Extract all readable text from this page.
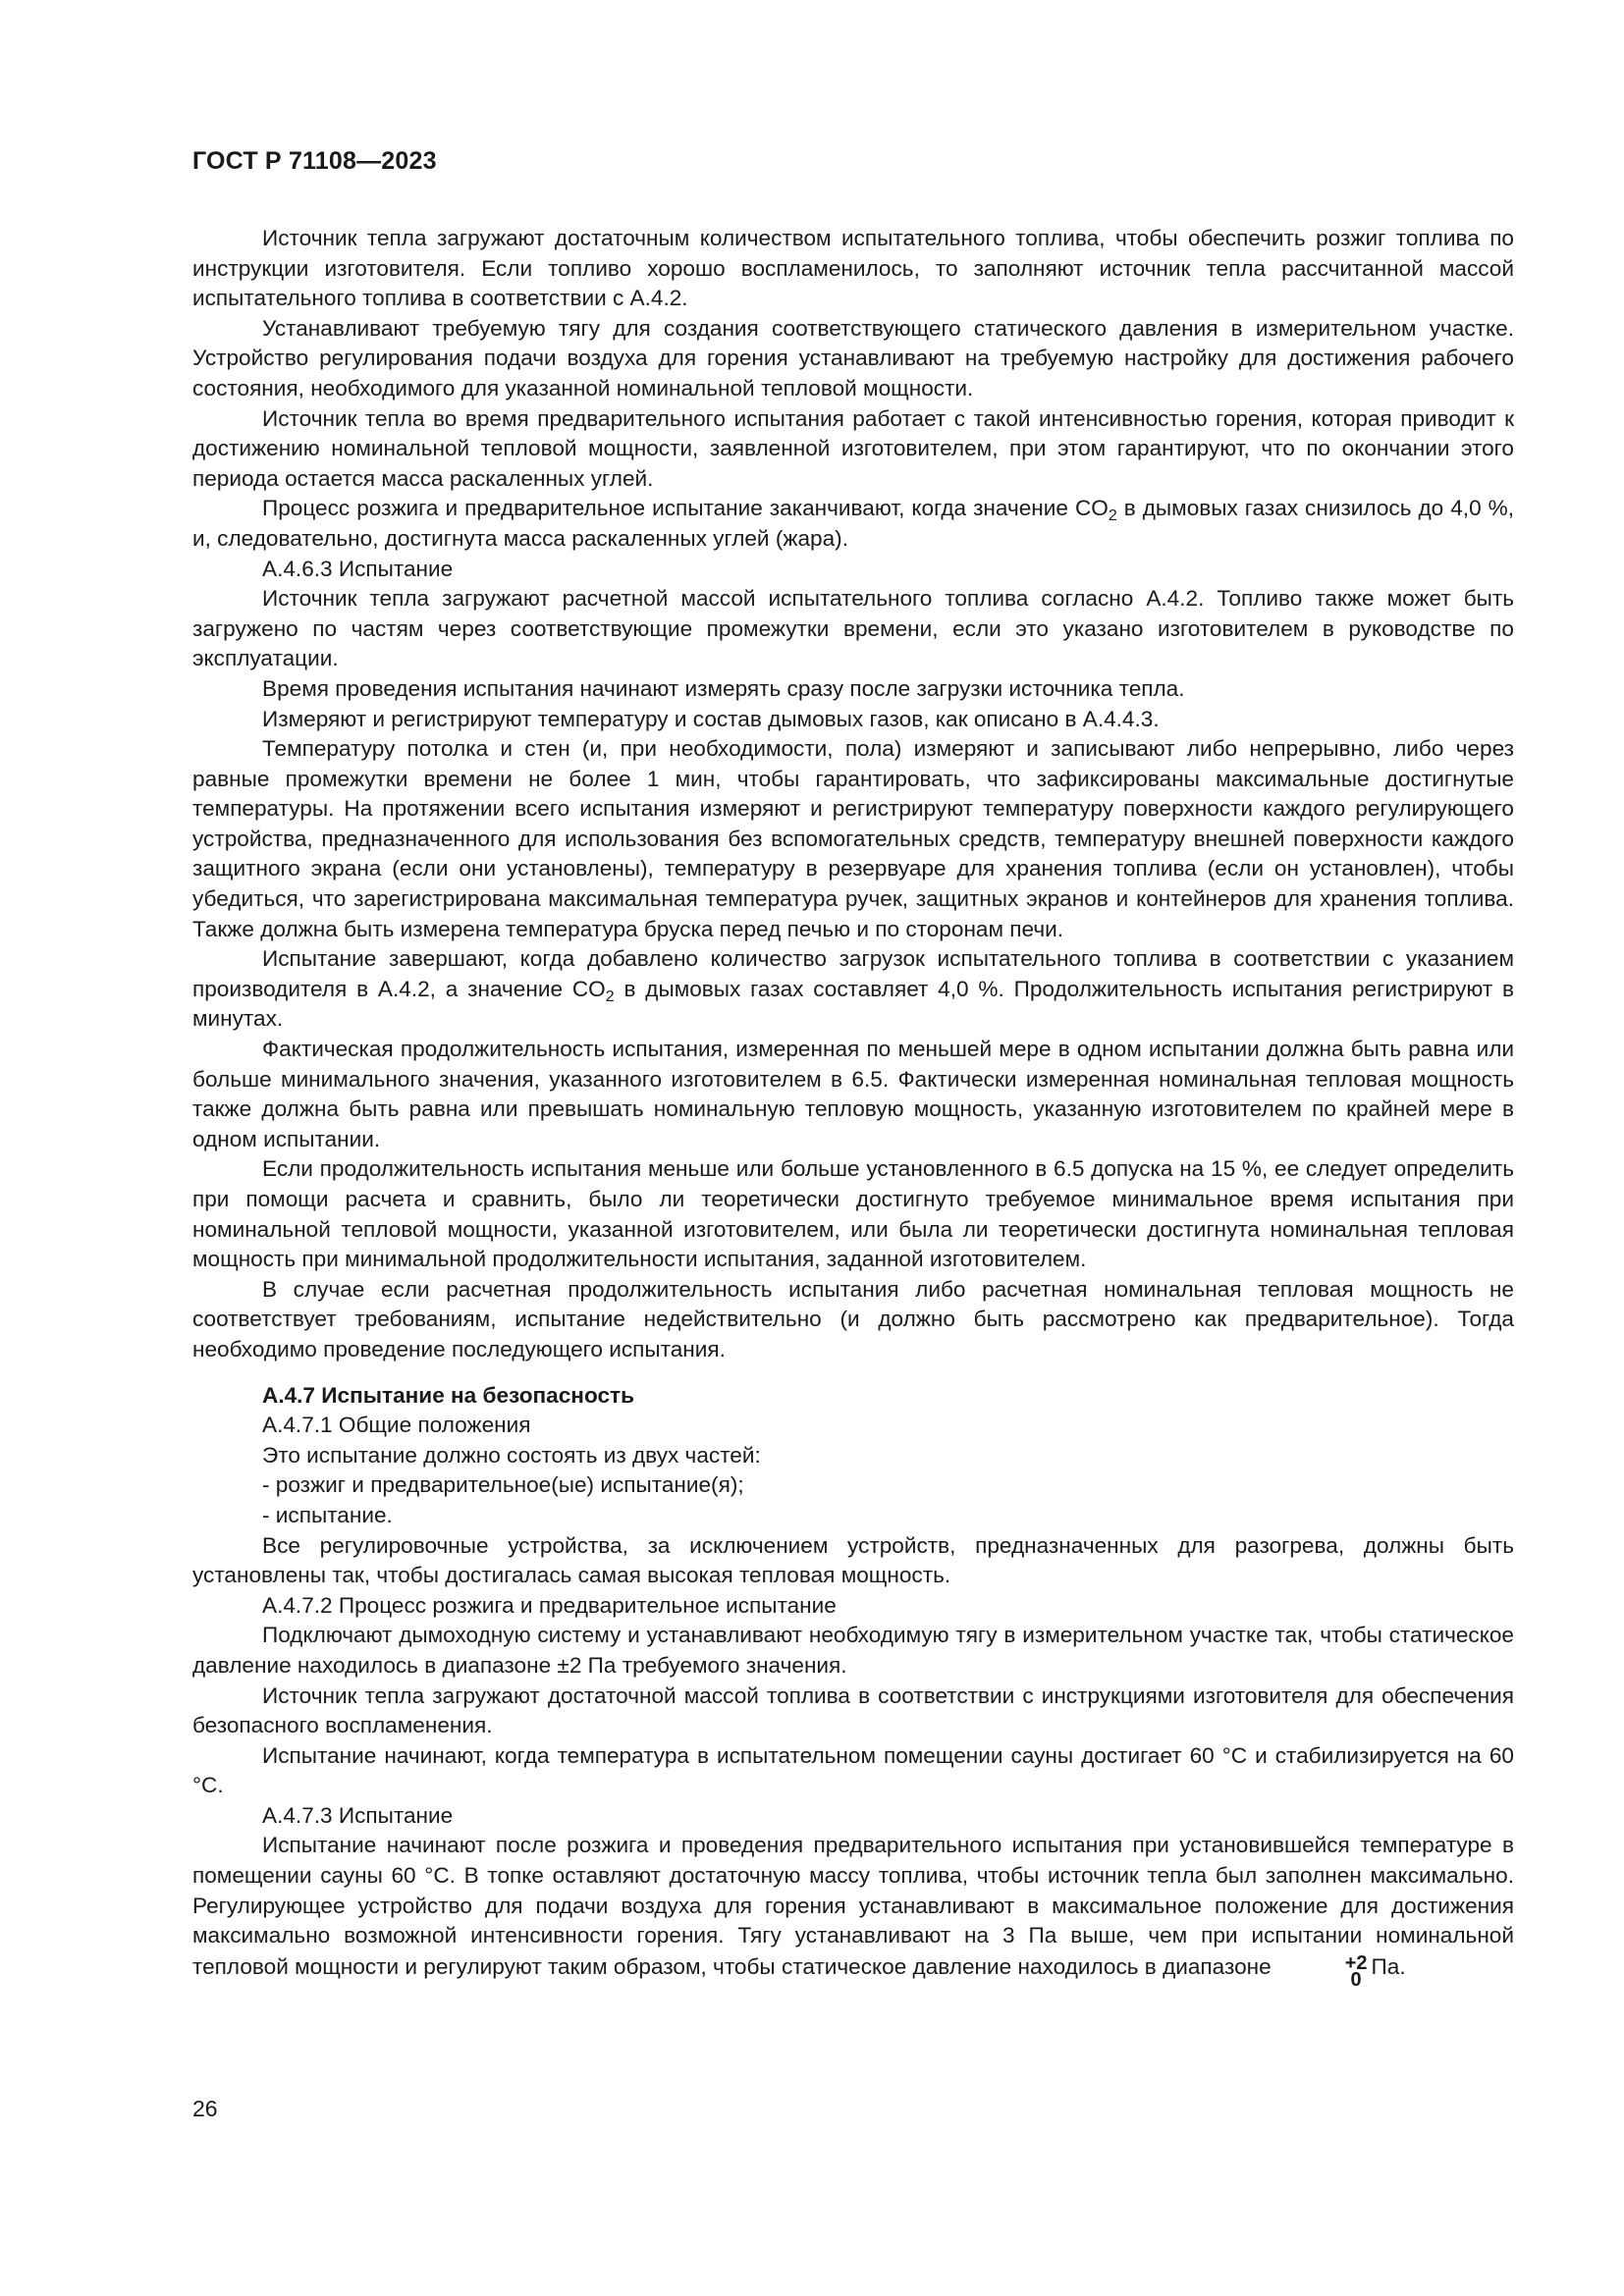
ГОСТ Р 71108—2023

Источник тепла загружают достаточным количеством испытательного топлива, чтобы обеспечить розжиг топлива по инструкции изготовителя. Если топливо хорошо воспламенилось, то заполняют источник тепла рассчитанной массой испытательного топлива в соответствии с А.4.2.

Устанавливают требуемую тягу для создания соответствующего статического давления в измерительном участке. Устройство регулирования подачи воздуха для горения устанавливают на требуемую настройку для достижения рабочего состояния, необходимого для указанной номинальной тепловой мощности.

Источник тепла во время предварительного испытания работает с такой интенсивностью горения, которая приводит к достижению номинальной тепловой мощности, заявленной изготовителем, при этом гарантируют, что по окончании этого периода остается масса раскаленных углей.

Процесс розжига и предварительное испытание заканчивают, когда значение $CO_2$ в дымовых газах снизилось до 4,0 %, и, следовательно, достигнута масса раскаленных углей (жара).

А.4.6.3 Испытание

Источник тепла загружают расчетной массой испытательного топлива согласно А.4.2. Топливо также может быть загружено по частям через соответствующие промежутки времени, если это указано изготовителем в руководстве по эксплуатации.

Время проведения испытания начинают измерять сразу после загрузки источника тепла.

Измеряют и регистрируют температуру и состав дымовых газов, как описано в А.4.4.3.

Температуру потолка и стен (и, при необходимости, пола) измеряют и записывают либо непрерывно, либо через равные промежутки времени не более 1 мин, чтобы гарантировать, что зафиксированы максимальные достигнутые температуры. На протяжении всего испытания измеряют и регистрируют температуру поверхности каждого регулирующего устройства, предназначенного для использования без вспомогательных средств, температуру внешней поверхности каждого защитного экрана (если они установлены), температуру в резервуаре для хранения топлива (если он установлен), чтобы убедиться, что зарегистрирована максимальная температура ручек, защитных экранов и контейнеров для хранения топлива. Также должна быть измерена температура бруска перед печью и по сторонам печи.

Испытание завершают, когда добавлено количество загрузок испытательного топлива в соответствии с указанием производителя в А.4.2, а значение $CO_2$ в дымовых газах составляет 4,0 %. Продолжительность испытания регистрируют в минутах.

Фактическая продолжительность испытания, измеренная по меньшей мере в одном испытании должна быть равна или больше минимального значения, указанного изготовителем в 6.5. Фактически измеренная номинальная тепловая мощность также должна быть равна или превышать номинальную тепловую мощность, указанную изготовителем по крайней мере в одном испытании.

Если продолжительность испытания меньше или больше установленного в 6.5 допуска на 15 %, ее следует определить при помощи расчета и сравнить, было ли теоретически достигнуто требуемое минимальное время испытания при номинальной тепловой мощности, указанной изготовителем, или была ли теоретически достигнута номинальная тепловая мощность при минимальной продолжительности испытания, заданной изготовителем.

В случае если расчетная продолжительность испытания либо расчетная номинальная тепловая мощность не соответствует требованиям, испытание недействительно (и должно быть рассмотрено как предварительное). Тогда необходимо проведение последующего испытания.

А.4.7 Испытание на безопасность

А.4.7.1 Общие положения

Это испытание должно состоять из двух частей:

- розжиг и предварительное(ые) испытание(я);

- испытание.

Все регулировочные устройства, за исключением устройств, предназначенных для разогрева, должны быть установлены так, чтобы достигалась самая высокая тепловая мощность.

А.4.7.2 Процесс розжига и предварительное испытание

Подключают дымоходную систему и устанавливают необходимую тягу в измерительном участке так, чтобы статическое давление находилось в диапазоне ±2 Па требуемого значения.

Источник тепла загружают достаточной массой топлива в соответствии с инструкциями изготовителя для обеспечения безопасного воспламенения.

Испытание начинают, когда температура в испытательном помещении сауны достигает 60 °С и стабилизируется на 60 °С.

А.4.7.3 Испытание

Испытание начинают после розжига и проведения предварительного испытания при установившейся температуре в помещении сауны 60 °С. В топке оставляют достаточную массу топлива, чтобы источник тепла был заполнен максимально. Регулирующее устройство для подачи воздуха для горения устанавливают в максимальное положение для достижения максимально возможной интенсивности горения. Тягу устанавливают на 3 Па выше, чем при испытании номинальной тепловой мощности и регулируют таким образом, чтобы статическое давление находилось в диапазоне	+2
0
Па.

26
